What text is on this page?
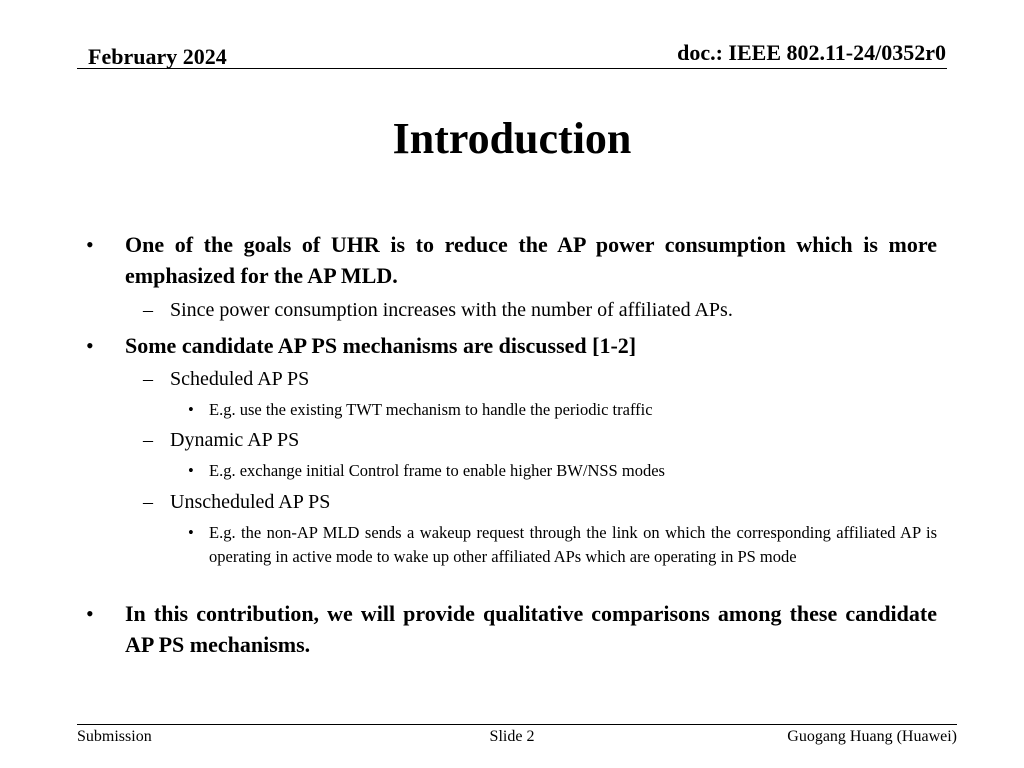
February 2024	doc.: IEEE 802.11-24/0352r0
Introduction
• One of the goals of UHR is to reduce the AP power consumption which is more emphasized for the AP MLD.
– Since power consumption increases with the number of affiliated APs.
• Some candidate AP PS mechanisms are discussed [1-2]
– Scheduled AP PS
• E.g. use the existing TWT mechanism to handle the periodic traffic
– Dynamic AP PS
• E.g. exchange initial Control frame to enable higher BW/NSS modes
– Unscheduled AP PS
• E.g. the non-AP MLD sends a wakeup request through the link on which the corresponding affiliated AP is operating in active mode to wake up other affiliated APs which are operating in PS mode
• In this contribution, we will provide qualitative comparisons among these candidate AP PS mechanisms.
Submission	Slide 2	Guogang Huang (Huawei)
